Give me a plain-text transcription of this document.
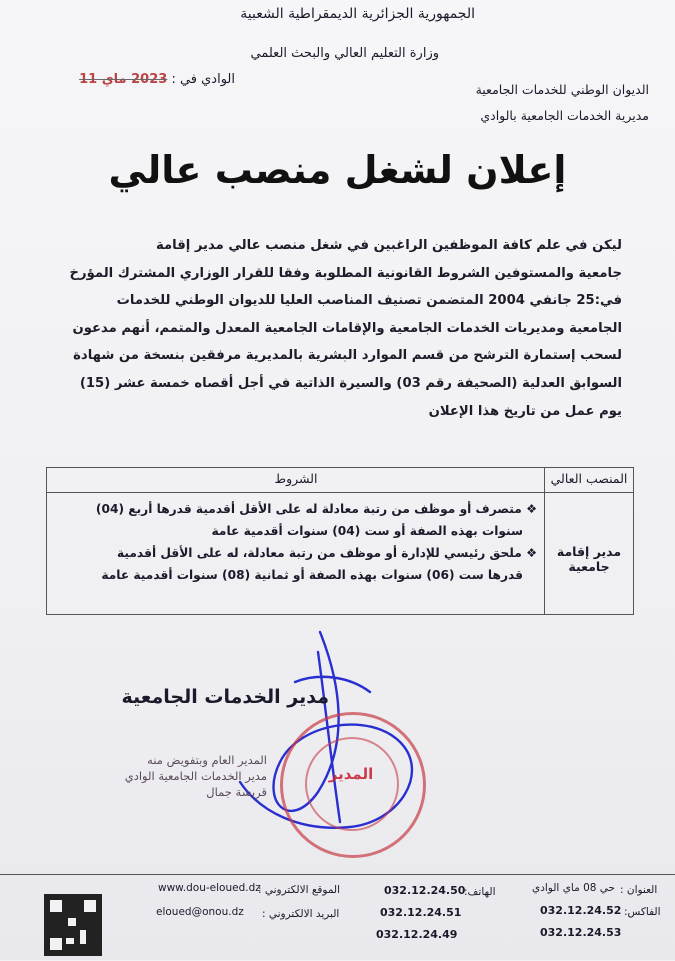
الجمهورية الجزائرية الديمقراطية الشعبية
وزارة التعليم العالي والبحث العلمي
الوادي في : 2023 ماي 11
الديوان الوطني للخدمات الجامعية
مديرية الخدمات الجامعية بالوادي
إعلان لشغل منصب عالي

ليكن في علم كافة الموظفين الراغبين في شغل منصب عالي مدير إقامة

جامعية والمستوفين الشروط القانونية المطلوبة وفقا للقرار الوزاري المشترك المؤرخ

في:25 جانفي 2004 المتضمن تصنيف المناصب العليا للديوان الوطني للخدمات

الجامعية ومديريات الخدمات الجامعية والإقامات الجامعية المعدل والمتمم، أنهم مدعون

لسحب إستمارة الترشح من قسم الموارد البشرية بالمديرية مرفقين بنسخة من شهادة

السوابق العدلية (الصحيفة رقم 03) والسيرة الذاتية في أجل أقصاه خمسة عشر (15)

يوم عمل من تاريخ هذا الإعلان

المنصب العالي
الشروط
مدير إقامة جامعية
❖ متصرف أو موظف من رتبة معادلة له على الأقل أقدمية قدرها أربع (04)
سنوات بهذه الصفة أو ست (04) سنوات أقدمية عامة
❖ ملحق رئيسي للإدارة أو موظف من رتبة معادلة، له على الأقل أقدمية
قدرها ست (06) سنوات بهذه الصفة أو ثمانية (08) سنوات أقدمية عامة
المدير
مدير الخدمات الجامعية
المدير العام وبتفويض منه
مدير الخدمات الجامعية الوادي
قريشة جمال
www.dou-eloued.dz
الموقع الالكتروني :
eloued@onou.dz البريد الالكتروني :
032.12.24.50
الهاتف:
032.12.24.51
032.12.24.49
حي 08 ماي الوادي العنوان :
032.12.24.52 الفاكس:
032.12.24.53
